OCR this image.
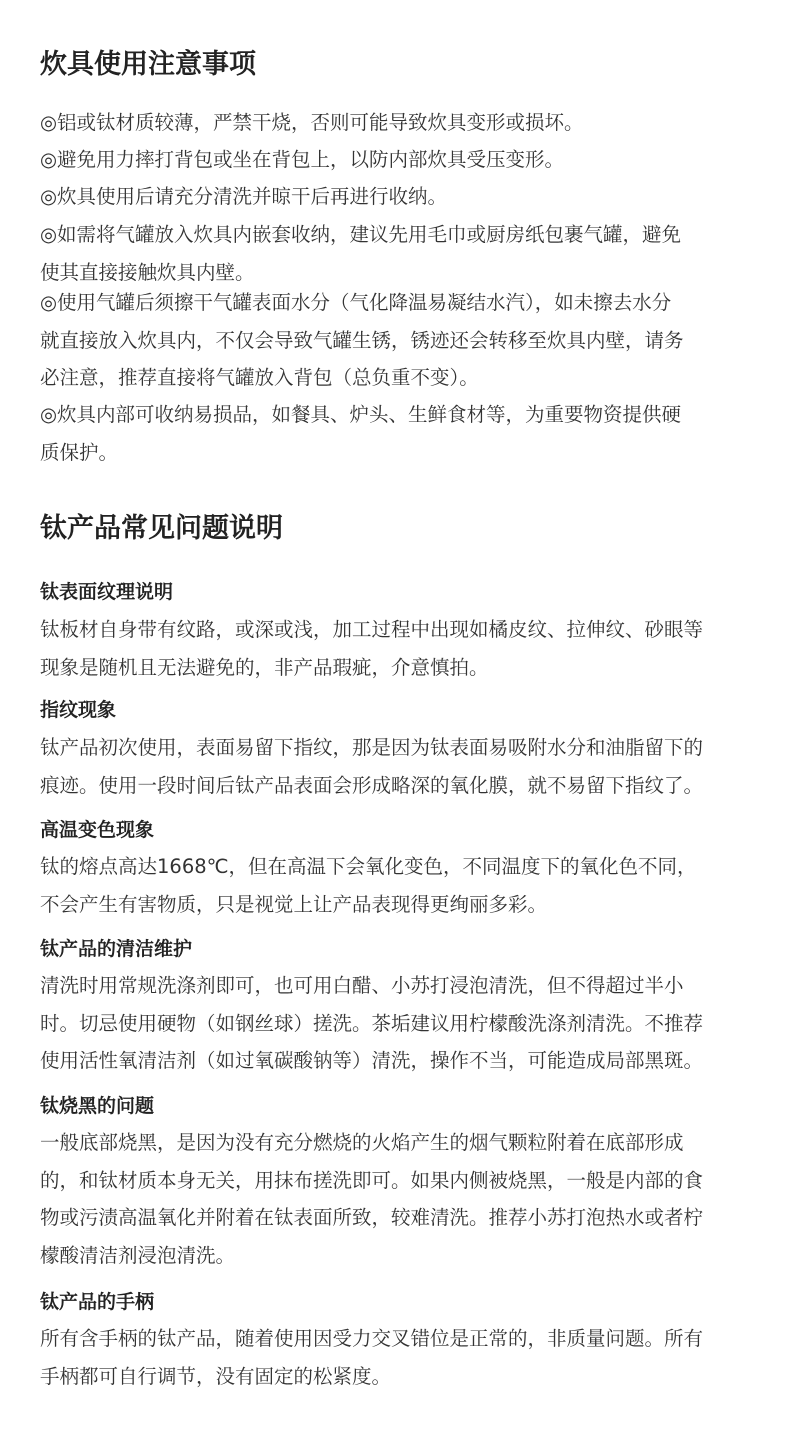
炊具使用注意事项
◎铝或钛材质较薄，严禁干烧，否则可能导致炊具变形或损坏。
◎避免用力摔打背包或坐在背包上，以防内部炊具受压变形。
◎炊具使用后请充分清洗并晾干后再进行收纳。
◎如需将气罐放入炊具内嵌套收纳，建议先用毛巾或厨房纸包裹气罐，避免
使其直接接触炊具内壁。
◎使用气罐后须擦干气罐表面水分（气化降温易凝结水汽），如未擦去水分
就直接放入炊具内，不仅会导致气罐生锈，锈迹还会转移至炊具内壁，请务
必注意，推荐直接将气罐放入背包（总负重不变）。
◎炊具内部可收纳易损品，如餐具、炉头、生鲜食材等，为重要物资提供硬
质保护。
钛产品常见问题说明
钛表面纹理说明
钛板材自身带有纹路，或深或浅，加工过程中出现如橘皮纹、拉伸纹、砂眼等
现象是随机且无法避免的，非产品瑕疵，介意慎拍。
指纹现象
钛产品初次使用，表面易留下指纹，那是因为钛表面易吸附水分和油脂留下的
痕迹。使用一段时间后钛产品表面会形成略深的氧化膜，就不易留下指纹了。
高温变色现象
钛的熔点高达1668℃，但在高温下会氧化变色，不同温度下的氧化色不同，
不会产生有害物质，只是视觉上让产品表现得更绚丽多彩。
钛产品的清洁维护
清洗时用常规洗涤剂即可，也可用白醋、小苏打浸泡清洗，但不得超过半小
时。切忌使用硬物（如钢丝球）搓洗。茶垢建议用柠檬酸洗涤剂清洗。不推荐
使用活性氧清洁剂（如过氧碳酸钠等）清洗，操作不当，可能造成局部黑斑。
钛烧黑的问题
一般底部烧黑，是因为没有充分燃烧的火焰产生的烟气颗粒附着在底部形成
的，和钛材质本身无关，用抹布搓洗即可。如果内侧被烧黑，一般是内部的食
物或污渍高温氧化并附着在钛表面所致，较难清洗。推荐小苏打泡热水或者柠
檬酸清洁剂浸泡清洗。
钛产品的手柄
所有含手柄的钛产品，随着使用因受力交叉错位是正常的，非质量问题。所有
手柄都可自行调节，没有固定的松紧度。
